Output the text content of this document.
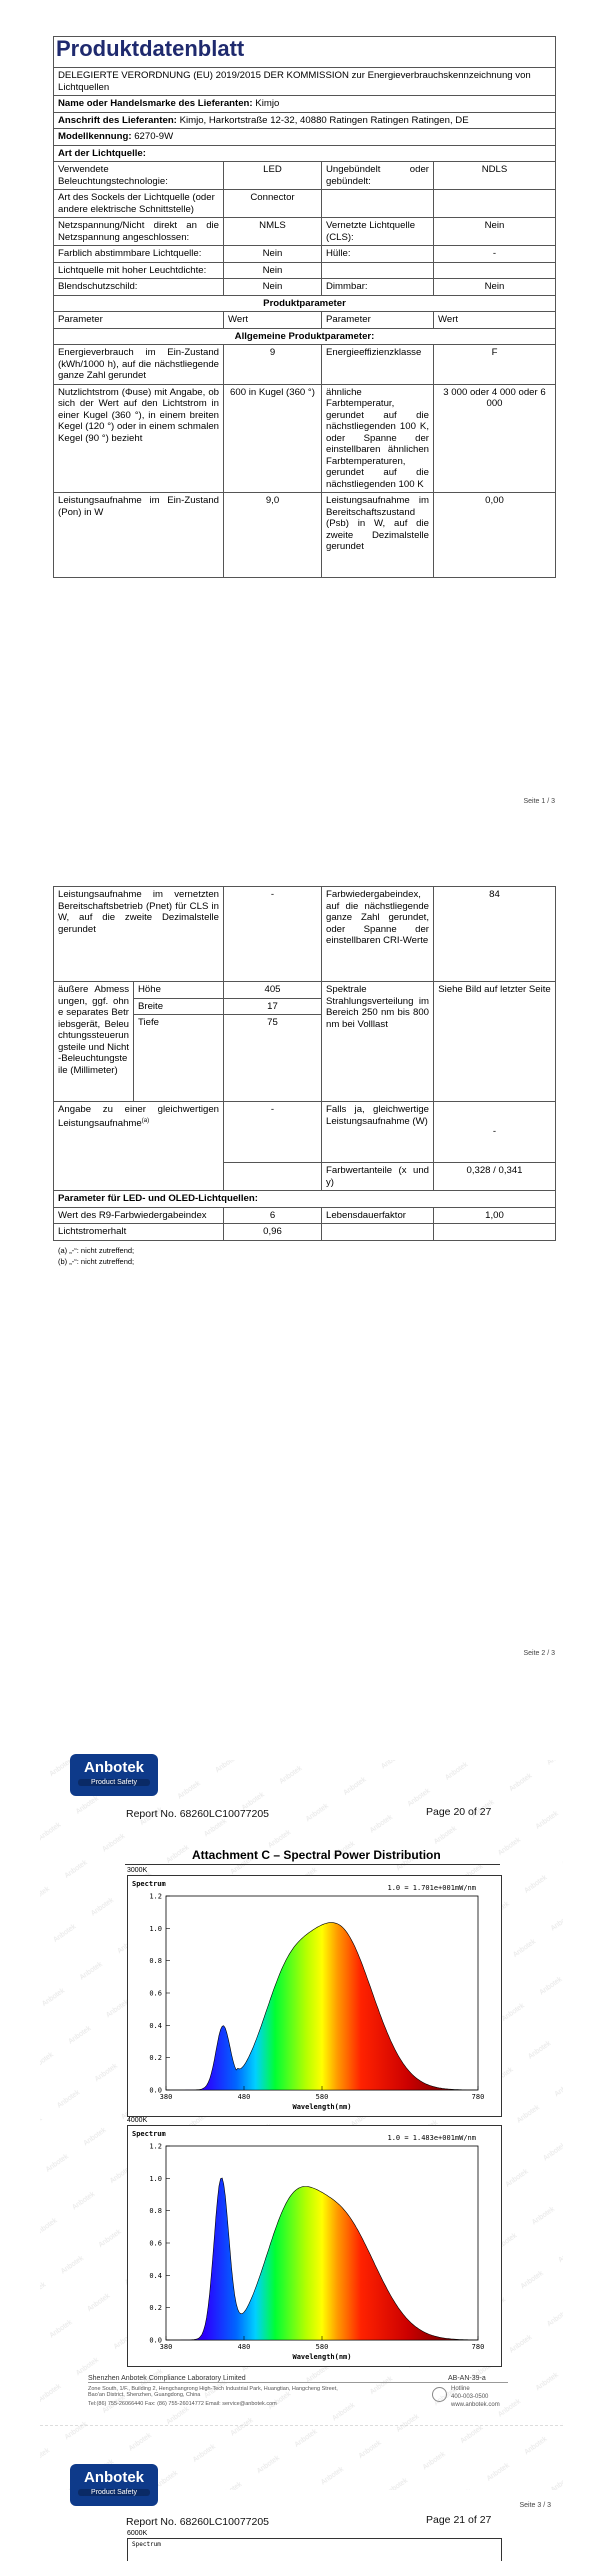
Produktdatenblatt

DELEGIERTE VERORDNUNG (EU) 2019/2015 DER KOMMISSION zur Energieverbrauchskennzeichnung von Lichtquellen			
Name oder Handelsmarke des Lieferanten: Kimjo			
Anschrift des Lieferanten: Kimjo, Harkortstraße 12-32, 40880 Ratingen Ratingen Ratingen, DE			
Modellkennung: 6270-9W			
Art der Lichtquelle:			
Verwendete Beleuchtungstechnologie:	LED	Ungebündelt oder gebündelt:	NDLS
Art des Sockels der Lichtquelle (oder andere elektrische Schnittstelle)	Connector		
Netzspannung/Nicht direkt an die Netzspannung angeschlossen:	NMLS	Vernetzte Lichtquelle (CLS):	Nein
Farblich abstimmbare Lichtquelle:	Nein	Hülle:	-
Lichtquelle mit hoher Leuchtdichte:	Nein		
Blendschutzschild:	Nein	Dimmbar:	Nein
Produktparameter			
Parameter	Wert	Parameter	Wert
Allgemeine Produktparameter:			
Energieverbrauch im Ein-Zustand (kWh/1000 h), auf die nächstliegende ganze Zahl gerundet	9	Energieeffizienzklasse	F
Nutzlichtstrom (Φuse) mit Angabe, ob sich der Wert auf den Lichtstrom in einer Kugel (360 °), in einem breiten Kegel (120 °) oder in einem schmalen Kegel (90 °) bezieht	600 in Kugel (360 °)	ähnliche Farbtemperatur, gerundet auf die nächstliegenden 100 K, oder Spanne der einstellbaren ähnlichen Farbtemperaturen, gerundet auf die nächstliegenden 100 K	3 000 oder 4 000 oder 6 000
Leistungsaufnahme im Ein-Zustand (Pon) in W	9,0	Leistungsaufnahme im Bereitschaftszustand (Psb) in W, auf die zweite Dezimalstelle gerundet	0,00
Seite 1 / 3
Leistungsaufnahme im vernetzten Bereitschaftsbetrieb (Pnet) für CLS in W, auf die zweite Dezimalstelle gerundet		-	Farbwiedergabeindex, auf die nächstliegende ganze Zahl gerundet, oder Spanne der einstellbaren CRI-Werte	84
äußere Abmessungen, ggf. ohne separates Betriebsgerät, Beleuchtungssteuerungsteile und Nicht-Beleuchtungsteile (Millimeter)	Höhe	405	Spektrale Strahlungsverteilung im Bereich 250 nm bis 800 nm bei Volllast	Siehe Bild auf letzter Seite
	Breite	17		
	Tiefe	75		
Angabe zu einer gleichwertigen Leistungsaufnahme$^{(a)}$		-	Falls ja, gleichwertige Leistungsaufnahme (W)	-
			Farbwertanteile (x und y)	0,328 / 0,341
Parameter für LED- und OLED-Lichtquellen:				
Wert des R9-Farbwiedergabeindex		6	Lebensdauerfaktor	1,00
Lichtstromerhalt		0,96		
(a) „-“: nicht zutreffend;
(b) „-“: nicht zutreffend;
Seite 2 / 3
Anbotek
Product Safety
Report No. 68260LC10077205	Page 20 of 27
Attachment C – Spectral Power Distribution
3000K
1.2
1.0
0.8
0.6
0.4
0.2
0.0
380	480	580	780
Spectrum
Wavelength(nm)
1.0 = 1.701e+001mW/nm
4000K
1.2
1.0
0.8
0.6
0.4
0.2
0.0
380	480	580	780
Spectrum
Wavelength(nm)
1.0 = 1.483e+001mW/nm
Shenzhen Anbotek Compliance Laboratory Limited
Zone South, 1/F., Building 2, Hengchangrong High-Tech Industrial Park, Huangtian, Hangcheng Street, Bao'an District, Shenzhen, Guangdong, China
Tel:(86) 755-26066440 Fax: (86) 755-26014772 Email: service@anbotek.com
AB-AN-39-a
Hotline
400-003-0500
www.anbotek.com
Seite 3 / 3
Anbotek
Product Safety
Report No. 68260LC10077205	Page 21 of 27
6000K
Spectrum
